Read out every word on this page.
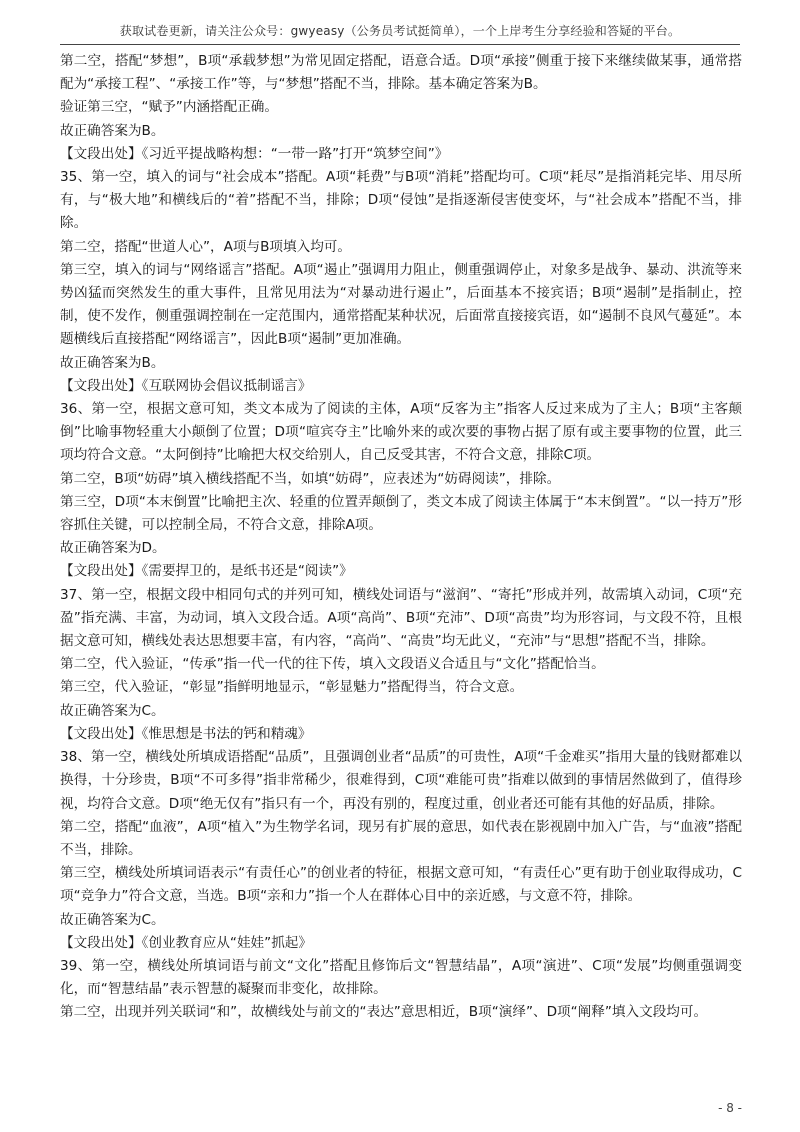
获取试卷更新，请关注公众号：gwyeasy（公务员考试挺简单），一个上岸考生分享经验和答疑的平台。

第二空，搭配“梦想”，B项“承载梦想”为常见固定搭配，语意合适。D项“承接”侧重于接下来继续做某事，通常搭配为“承接工程”、“承接工作”等，与“梦想”搭配不当，排除。基本确定答案为B。

验证第三空，“赋予”内涵搭配正确。

故正确答案为B。

【文段出处】《习近平提战略构想：“一带一路”打开“筑梦空间”》

35、第一空，填入的词与“社会成本”搭配。A项“耗费”与B项“消耗”搭配均可。C项“耗尽”是指消耗完毕、用尽所有，与“极大地”和横线后的“着”搭配不当，排除；D项“侵蚀”是指逐渐侵害使变坏，与“社会成本”搭配不当，排除。

第二空，搭配“世道人心”，A项与B项填入均可。

第三空，填入的词与“网络谣言”搭配。A项“遏止”强调用力阻止，侧重强调停止，对象多是战争、暴动、洪流等来势凶猛而突然发生的重大事件，且常见用法为“对暴动进行遏止”，后面基本不接宾语；B项“遏制”是指制止，控制，使不发作，侧重强调控制在一定范围内，通常搭配某种状况，后面常直接接宾语，如“遏制不良风气蔓延”。本题横线后直接搭配“网络谣言”，因此B项“遏制”更加准确。

故正确答案为B。

【文段出处】《互联网协会倡议抵制谣言》

36、第一空，根据文意可知，类文本成为了阅读的主体，A项“反客为主”指客人反过来成为了主人；B项“主客颠倒”比喻事物轻重大小颠倒了位置；D项“喧宾夺主”比喻外来的或次要的事物占据了原有或主要事物的位置，此三项均符合文意。“太阿倒持”比喻把大权交给别人，自己反受其害，不符合文意，排除C项。

第二空，B项“妨碍”填入横线搭配不当，如填“妨碍”，应表述为“妨碍阅读”，排除。

第三空，D项“本末倒置”比喻把主次、轻重的位置弄颠倒了，类文本成了阅读主体属于“本末倒置”。“以一持万”形容抓住关键，可以控制全局，不符合文意，排除A项。

故正确答案为D。

【文段出处】《需要捍卫的，是纸书还是“阅读”》

37、第一空，根据文段中相同句式的并列可知，横线处词语与“滋润”、“寄托”形成并列，故需填入动词，C项“充盈”指充满、丰富，为动词，填入文段合适。A项“高尚”、B项“充沛”、D项“高贵”均为形容词，与文段不符，且根据文意可知，横线处表达思想要丰富，有内容，“高尚”、“高贵”均无此义，“充沛”与“思想”搭配不当，排除。

第二空，代入验证，“传承”指一代一代的往下传，填入文段语义合适且与“文化”搭配恰当。

第三空，代入验证，“彰显”指鲜明地显示，“彰显魅力”搭配得当，符合文意。

故正确答案为C。

【文段出处】《惟思想是书法的钙和精魂》

38、第一空，横线处所填成语搭配“品质”，且强调创业者“品质”的可贵性，A项“千金难买”指用大量的钱财都难以换得，十分珍贵，B项“不可多得”指非常稀少，很难得到，C项“难能可贵”指难以做到的事情居然做到了，值得珍视，均符合文意。D项“绝无仅有”指只有一个，再没有别的，程度过重，创业者还可能有其他的好品质，排除。

第二空，搭配“血液”，A项“植入”为生物学名词，现另有扩展的意思，如代表在影视剧中加入广告，与“血液”搭配不当，排除。

第三空，横线处所填词语表示“有责任心”的创业者的特征，根据文意可知，“有责任心”更有助于创业取得成功，C项“竞争力”符合文意，当选。B项“亲和力”指一个人在群体心目中的亲近感，与文意不符，排除。

故正确答案为C。

【文段出处】《创业教育应从“娃娃”抓起》

39、第一空，横线处所填词语与前文“文化”搭配且修饰后文“智慧结晶”，A项“演进”、C项“发展”均侧重强调变化，而“智慧结晶”表示智慧的凝聚而非变化，故排除。

第二空，出现并列关联词“和”，故横线处与前文的“表达”意思相近，B项“演绎”、D项“阐释”填入文段均可。

- 8 -
